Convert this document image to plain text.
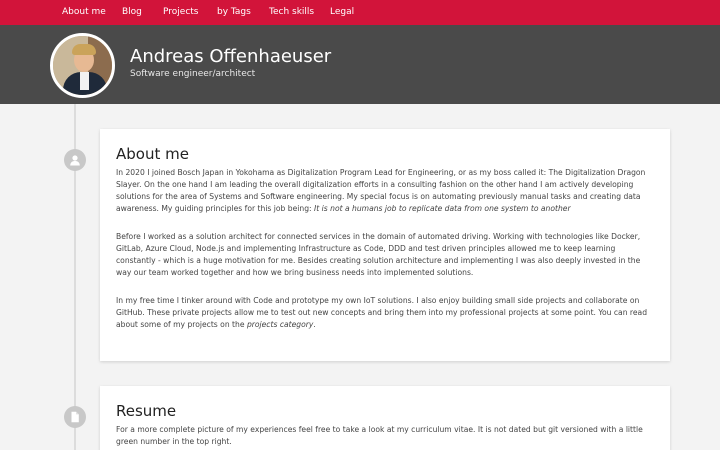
About me Blog Projects by Tags Tech skills Legal
Andreas Offenhaeuser
Software engineer/architect
About me

In 2020 I joined Bosch Japan in Yokohama as Digitalization Program Lead for Engineering, or as my boss called it: The Digitalization Dragon Slayer. On the one hand I am leading the overall digitalization efforts in a consulting fashion on the other hand I am actively developing solutions for the area of Systems and Software engineering. My special focus is on automating previously manual tasks and creating data awareness. My guiding principles for this job being: It is not a humans job to replicate data from one system to another

Before I worked as a solution architect for connected services in the domain of automated driving. Working with technologies like Docker, GitLab, Azure Cloud, Node.js and implementing Infrastructure as Code, DDD and test driven principles allowed me to keep learning constantly - which is a huge motivation for me. Besides creating solution architecture and implementing I was also deeply invested in the way our team worked together and how we bring business needs into implemented solutions.

In my free time I tinker around with Code and prototype my own IoT solutions. I also enjoy building small side projects and collaborate on GitHub. These private projects allow me to test out new concepts and bring them into my professional projects at some point. You can read about some of my projects on the projects category.

Resume

For a more complete picture of my experiences feel free to take a look at my curriculum vitae. It is not dated but git versioned with a little green number in the top right.
